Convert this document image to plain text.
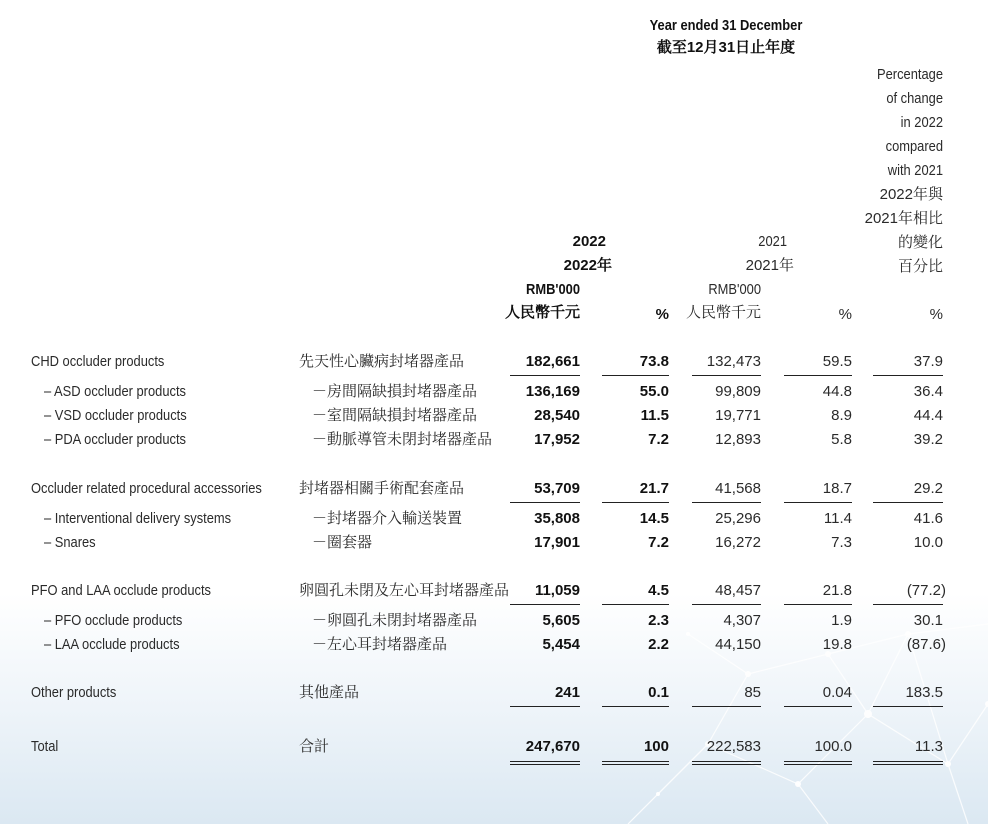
Year ended 31 December
截至12月31日止年度
Percentage
of change
in 2022
compared
with 2021
2022年與
2021年相比
的變化
百分比
2022
2022年
RMB'000
人民幣千元	%
2021
2021年
RMB'000
人民幣千元	%	%
CHD occluder products	先天性心臟病封堵器產品	182,661	73.8	132,473	59.5	37.9
– ASD occluder products	－房間隔缺損封堵器產品	136,169	55.0	99,809	44.8	36.4
– VSD occluder products	－室間隔缺損封堵器產品	28,540	11.5	19,771	8.9	44.4
– PDA occluder products	－動脈導管未閉封堵器產品	17,952	7.2	12,893	5.8	39.2
Occluder related procedural accessories 封堵器相關手術配套產品	53,709	21.7	41,568	18.7	29.2
– Interventional delivery systems	－封堵器介入輸送裝置	35,808	14.5	25,296	11.4	41.6
– Snares	－圈套器	17,901	7.2	16,272	7.3	10.0
PFO and LAA occlude products	卵圓孔未閉及左心耳封堵器產品	11,059	4.5	48,457	21.8	(77.2)
– PFO occlude products	－卵圓孔未閉封堵器產品	5,605	2.3	4,307	1.9	30.1
– LAA occlude products	－左心耳封堵器產品	5,454	2.2	44,150	19.8	(87.6)
Other products	其他產品	241	0.1	85	0.04	183.5
Total	合計	247,670	100	222,583	100.0	11.3
